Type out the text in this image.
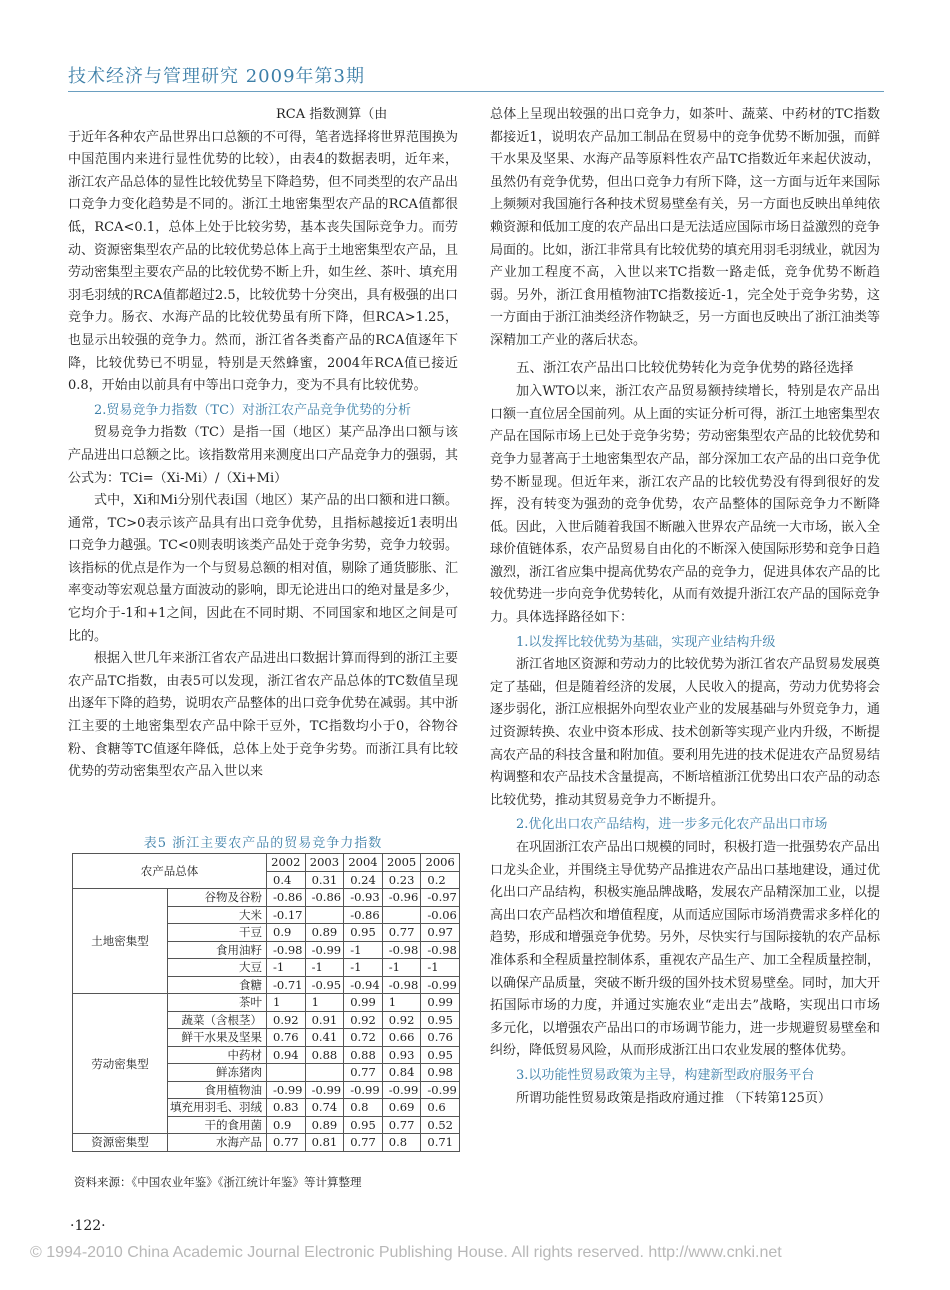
技术经济与管理研究 2009年第3期

RCA 指数测算（由

于近年各种农产品世界出口总额的不可得，笔者选择将世界范围换为中国范围内来进行显性优势的比较），由表4的数据表明，近年来，浙江农产品总体的显性比较优势呈下降趋势，但不同类型的农产品出口竞争力变化趋势是不同的。浙江土地密集型农产品的RCA值都很低，RCA<0.1，总体上处于比较劣势，基本丧失国际竞争力。而劳动、资源密集型农产品的比较优势总体上高于土地密集型农产品，且劳动密集型主要农产品的比较优势不断上升，如生丝、茶叶、填充用羽毛羽绒的RCA值都超过2.5，比较优势十分突出，具有极强的出口竞争力。肠衣、水海产品的比较优势虽有所下降，但RCA>1.25，也显示出较强的竞争力。然而，浙江省各类畜产品的RCA值逐年下降，比较优势已不明显，特别是天然蜂蜜，2004年RCA值已接近0.8，开始由以前具有中等出口竞争力，变为不具有比较优势。

2.贸易竞争力指数（TC）对浙江农产品竞争优势的分析

贸易竞争力指数（TC）是指一国（地区）某产品净出口额与该产品进出口总额之比。该指数常用来测度出口产品竞争力的强弱，其公式为：TCi=（Xi-Mi）/（Xi+Mi）

式中，Xi和Mi分别代表i国（地区）某产品的出口额和进口额。通常，TC>0表示该产品具有出口竞争优势，且指标越接近1表明出口竞争力越强。TC<0则表明该类产品处于竞争劣势，竞争力较弱。该指标的优点是作为一个与贸易总额的相对值，剔除了通货膨胀、汇率变动等宏观总量方面波动的影响，即无论进出口的绝对量是多少，它均介于-1和+1之间，因此在不同时期、不同国家和地区之间是可比的。

根据入世几年来浙江省农产品进出口数据计算而得到的浙江主要农产品TC指数，由表5可以发现，浙江省农产品总体的TC数值呈现出逐年下降的趋势，说明农产品整体的出口竞争优势在减弱。其中浙江主要的土地密集型农产品中除干豆外，TC指数均小于0，谷物谷粉、食糖等TC值逐年降低，总体上处于竞争劣势。而浙江具有比较优势的劳动密集型农产品入世以来

表5 浙江主要农产品的贸易竞争力指数
农产品总体		2002	2003	2004	2005	2006
		0.4	0.31	0.24	0.23	0.2
土地密集型	谷物及谷粉	-0.86	-0.86	-0.93	-0.96	-0.97
	大米	-0.17		-0.86		-0.06
	干豆	0.9	0.89	0.95	0.77	0.97
	食用油籽	-0.98	-0.99	-1	-0.98	-0.98
	大豆	-1	-1	-1	-1	-1
	食糖	-0.71	-0.95	-0.94	-0.98	-0.99
劳动密集型	茶叶	1	1	0.99	1	0.99
	蔬菜（含根茎）	0.92	0.91	0.92	0.92	0.95
	鲜干水果及坚果	0.76	0.41	0.72	0.66	0.76
	中药材	0.94	0.88	0.88	0.93	0.95
	鲜冻猪肉			0.77	0.84	0.98
	食用植物油	-0.99	-0.99	-0.99	-0.99	-0.99
	填充用羽毛、羽绒	0.83	0.74	0.8	0.69	0.6
	干的食用菌	0.9	0.89	0.95	0.77	0.52
资源密集型	水海产品	0.77	0.81	0.77	0.8	0.71
资料来源：《中国农业年鉴》《浙江统计年鉴》等计算整理

总体上呈现出较强的出口竞争力，如茶叶、蔬菜、中药材的TC指数都接近1，说明农产品加工制品在贸易中的竞争优势不断加强，而鲜干水果及坚果、水海产品等原料性农产品TC指数近年来起伏波动，虽然仍有竞争优势，但出口竞争力有所下降，这一方面与近年来国际上频频对我国施行各种技术贸易壁垒有关，另一方面也反映出单纯依赖资源和低加工度的农产品出口是无法适应国际市场日益激烈的竞争局面的。比如，浙江非常具有比较优势的填充用羽毛羽绒业，就因为产业加工程度不高，入世以来TC指数一路走低，竞争优势不断趋弱。另外，浙江食用植物油TC指数接近-1，完全处于竞争劣势，这一方面由于浙江油类经济作物缺乏，另一方面也反映出了浙江油类等深精加工产业的落后状态。

五、浙江农产品出口比较优势转化为竞争优势的路径选择

加入WTO以来，浙江农产品贸易额持续增长，特别是农产品出口额一直位居全国前列。从上面的实证分析可得，浙江土地密集型农产品在国际市场上已处于竞争劣势；劳动密集型农产品的比较优势和竞争力显著高于土地密集型农产品，部分深加工农产品的出口竞争优势不断显现。但近年来，浙江农产品的比较优势没有得到很好的发挥，没有转变为强劲的竞争优势，农产品整体的国际竞争力不断降低。因此，入世后随着我国不断融入世界农产品统一大市场，嵌入全球价值链体系，农产品贸易自由化的不断深入使国际形势和竞争日趋激烈，浙江省应集中提高优势农产品的竞争力，促进具体农产品的比较优势进一步向竞争优势转化，从而有效提升浙江农产品的国际竞争力。具体选择路径如下：

1.以发挥比较优势为基础，实现产业结构升级

浙江省地区资源和劳动力的比较优势为浙江省农产品贸易发展奠定了基础，但是随着经济的发展，人民收入的提高，劳动力优势将会逐步弱化，浙江应根据外向型农业产业的发展基础与外贸竞争力，通过资源转换、农业中资本形成、技术创新等实现产业内升级，不断提高农产品的科技含量和附加值。要利用先进的技术促进农产品贸易结构调整和农产品技术含量提高，不断培植浙江优势出口农产品的动态比较优势，推动其贸易竞争力不断提升。

2.优化出口农产品结构，进一步多元化农产品出口市场

在巩固浙江农产品出口规模的同时，积极打造一批强势农产品出口龙头企业，并围绕主导优势产品推进农产品出口基地建设，通过优化出口产品结构，积极实施品牌战略，发展农产品精深加工业，以提高出口农产品档次和增值程度，从而适应国际市场消费需求多样化的趋势，形成和增强竞争优势。另外，尽快实行与国际接轨的农产品标准体系和全程质量控制体系，重视农产品生产、加工全程质量控制，以确保产品质量，突破不断升级的国外技术贸易壁垒。同时，加大开拓国际市场的力度，并通过实施农业“走出去”战略，实现出口市场多元化，以增强农产品出口的市场调节能力，进一步规避贸易壁垒和纠纷，降低贸易风险，从而形成浙江出口农业发展的整体优势。

3.以功能性贸易政策为主导，构建新型政府服务平台

所谓功能性贸易政策是指政府通过推 （下转第125页）

·122·
© 1994-2010 China Academic Journal Electronic Publishing House. All rights reserved. http://www.cnki.net
